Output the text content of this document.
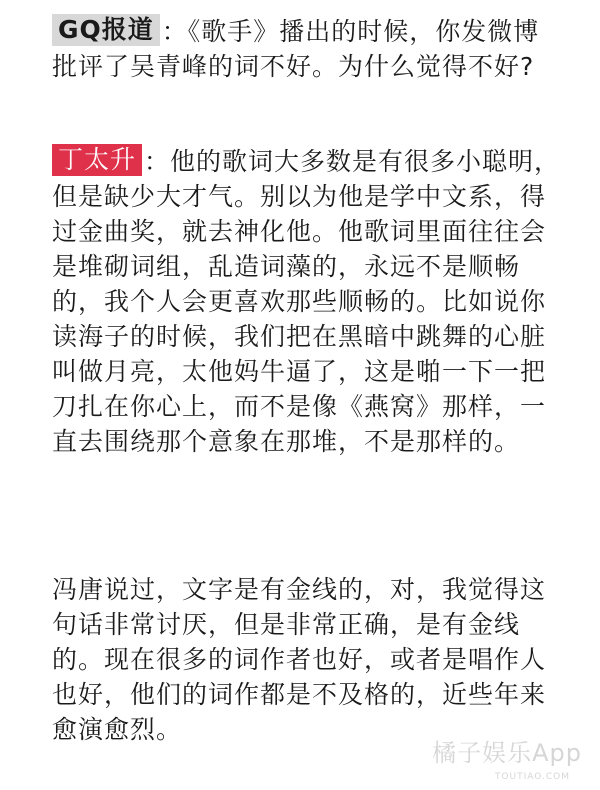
GQ报道 ：《歌手》播出的时候，你发微博
批评了吴青峰的词不好。为什么觉得不好?
丁太升 ：他的歌词大多数是有很多小聪明，
但是缺少大才气。别以为他是学中文系，得
过金曲奖，就去神化他。他歌词里面往往会
是堆砌词组，乱造词藻的，永远不是顺畅
的，我个人会更喜欢那些顺畅的。比如说你
读海子的时候，我们把在黑暗中跳舞的心脏
叫做月亮，太他妈牛逼了，这是啪一下一把
刀扎在你心上，而不是像《燕窝》那样，一
直去围绕那个意象在那堆，不是那样的。
冯唐说过，文字是有金线的，对，我觉得这
句话非常讨厌，但是非常正确，是有金线
的。现在很多的词作者也好，或者是唱作人
也好，他们的词作都是不及格的，近些年来
愈演愈烈。
橘子娱乐App
TOUTIAO.COM
